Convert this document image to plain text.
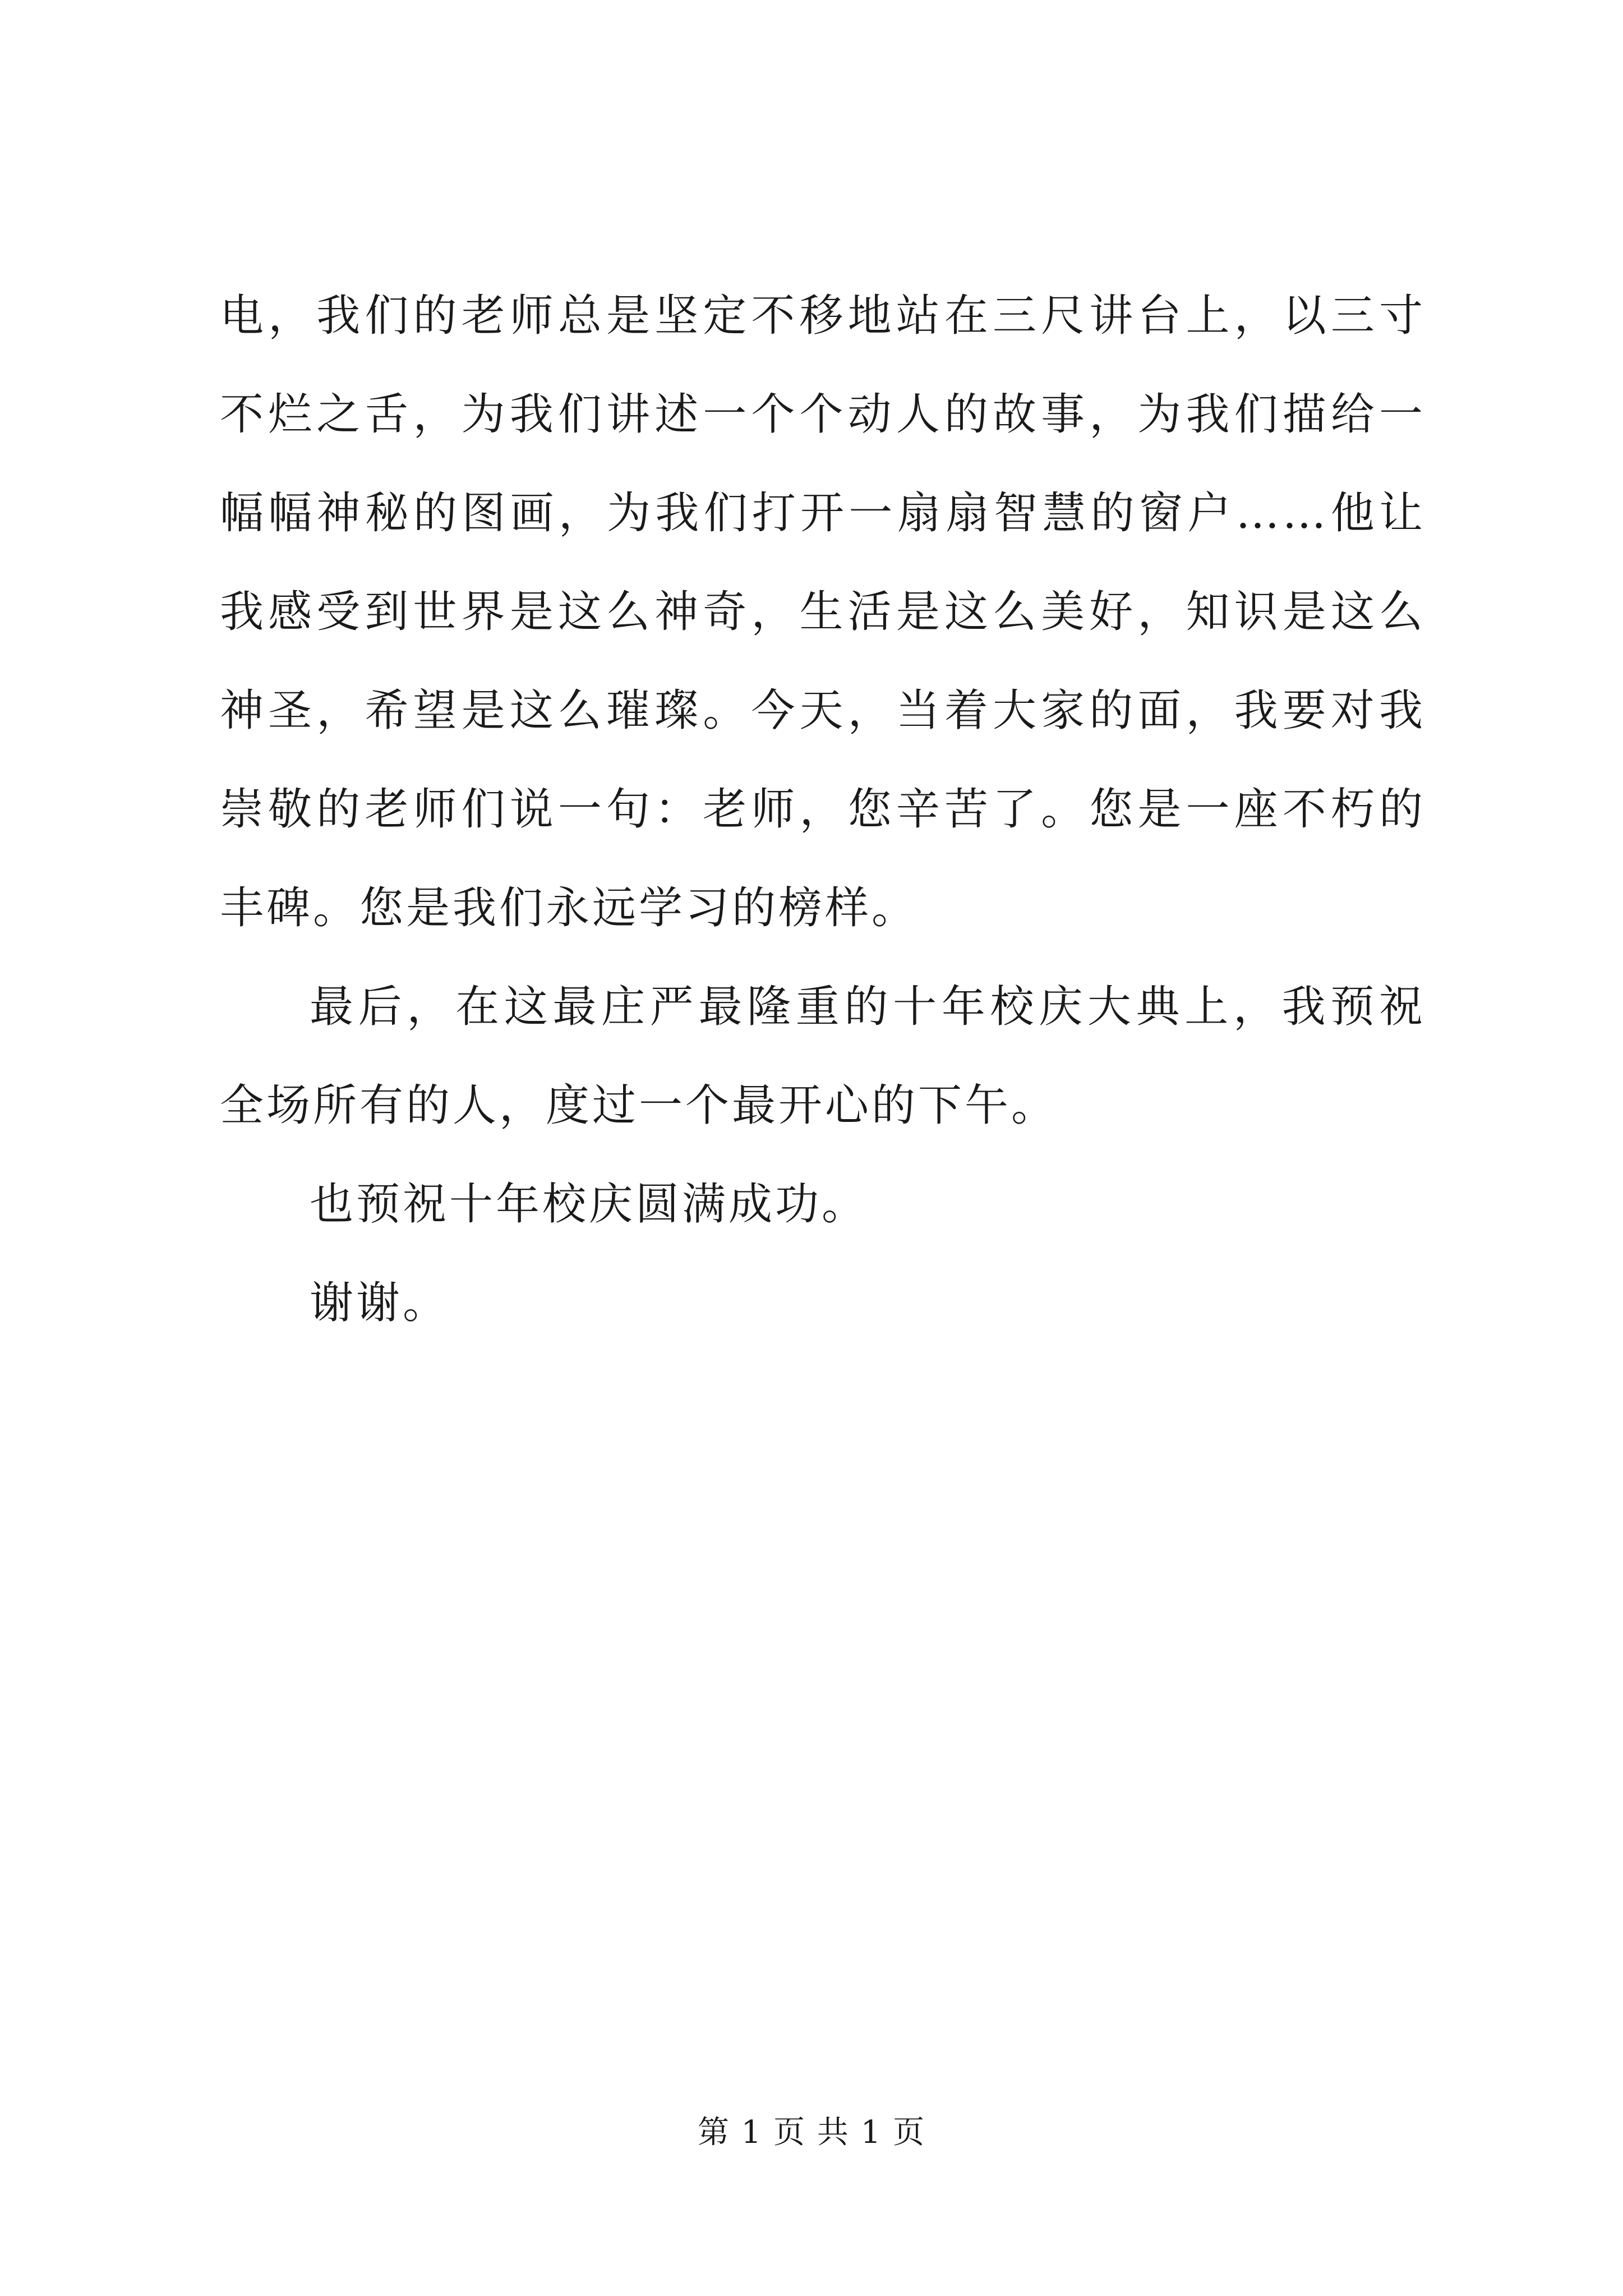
电，我们的老师总是坚定不移地站在三尺讲台上，以三寸不烂之舌，为我们讲述一个个动人的故事，为我们描给一幅幅神秘的图画，为我们打开一扇扇智慧的窗户……他让我感受到世界是这么神奇，生活是这么美好，知识是这么神圣，希望是这么璀璨。今天，当着大家的面，我要对我崇敬的老师们说一句：老师，您辛苦了。您是一座不朽的丰碑。您是我们永远学习的榜样。

最后，在这最庄严最隆重的十年校庆大典上，我预祝全场所有的人，度过一个最开心的下午。

也预祝十年校庆圆满成功。

谢谢。

第 1 页 共 1 页
